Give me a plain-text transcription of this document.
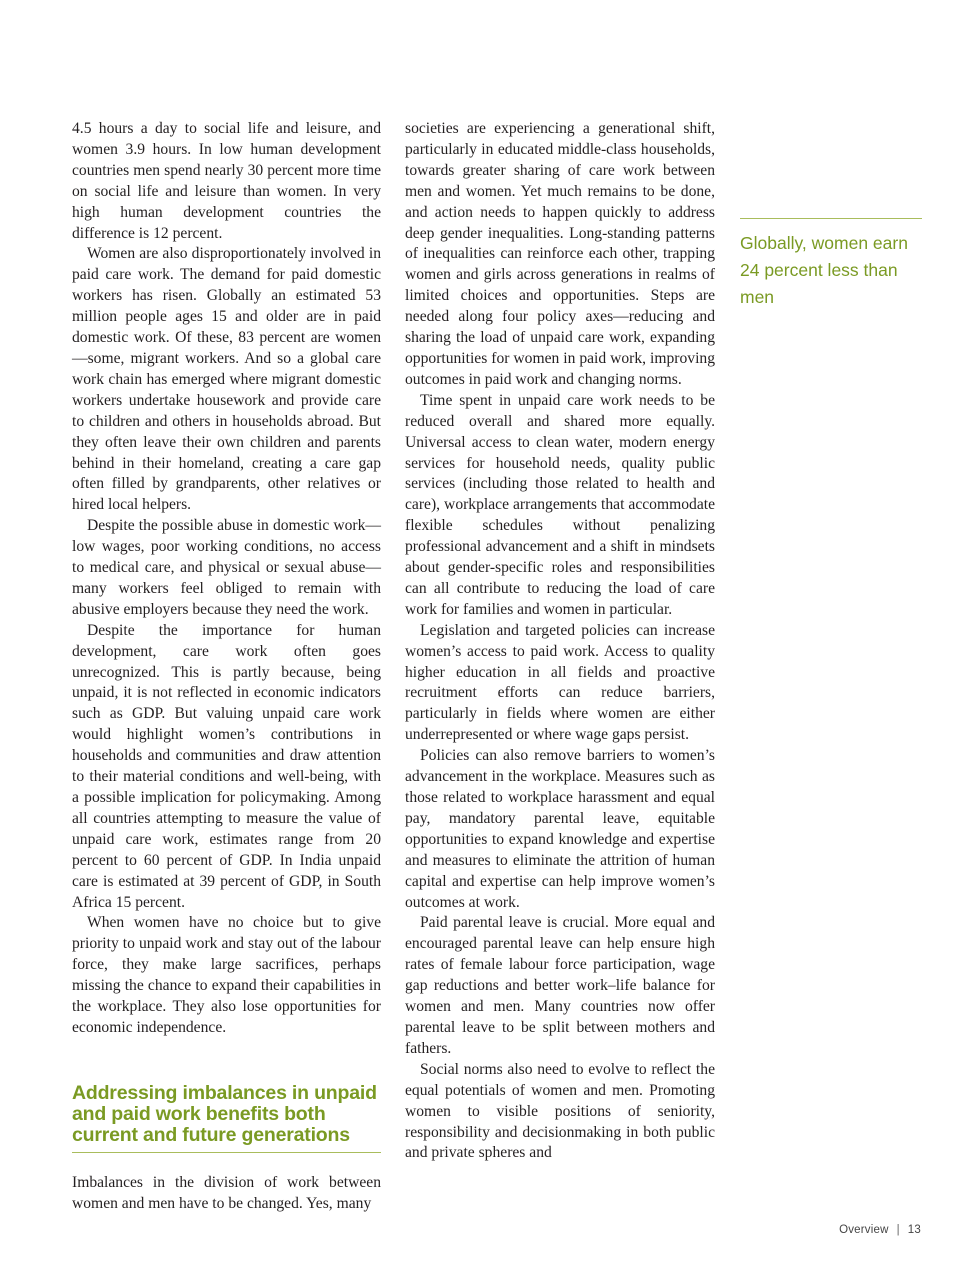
4.5 hours a day to social life and leisure, and women 3.9 hours. In low human development countries men spend nearly 30 percent more time on social life and leisure than women. In very high human development countries the difference is 12 percent.

Women are also disproportionately involved in paid care work. The demand for paid domestic workers has risen. Globally an estimated 53 million people ages 15 and older are in paid domestic work. Of these, 83 percent are women —some, migrant workers. And so a global care work chain has emerged where migrant domestic workers undertake housework and provide care to children and others in households abroad. But they often leave their own children and parents behind in their homeland, creating a care gap often filled by grandparents, other relatives or hired local helpers.

Despite the possible abuse in domestic work—low wages, poor working conditions, no access to medical care, and physical or sexual abuse—many workers feel obliged to remain with abusive employers because they need the work.

Despite the importance for human development, care work often goes unrecognized. This is partly because, being unpaid, it is not reflected in economic indicators such as GDP. But valuing unpaid care work would highlight women’s contributions in households and communities and draw attention to their material conditions and well-being, with a possible implication for policymaking. Among all countries attempting to measure the value of unpaid care work, estimates range from 20 percent to 60 percent of GDP. In India unpaid care is estimated at 39 percent of GDP, in South Africa 15 percent.

When women have no choice but to give priority to unpaid work and stay out of the labour force, they make large sacrifices, perhaps missing the chance to expand their capabilities in the workplace. They also lose opportunities for economic independence.

Addressing imbalances in unpaid and paid work benefits both current and future generations

Imbalances in the division of work between women and men have to be changed. Yes, many

societies are experiencing a generational shift, particularly in educated middle-class households, towards greater sharing of care work between men and women. Yet much remains to be done, and action needs to happen quickly to address deep gender inequalities. Long-standing patterns of inequalities can reinforce each other, trapping women and girls across generations in realms of limited choices and opportunities. Steps are needed along four policy axes—reducing and sharing the load of unpaid care work, expanding opportunities for women in paid work, improving outcomes in paid work and changing norms.

Time spent in unpaid care work needs to be reduced overall and shared more equally. Universal access to clean water, modern energy services for household needs, quality public services (including those related to health and care), workplace arrangements that accommodate flexible schedules without penalizing professional advancement and a shift in mindsets about gender-specific roles and responsibilities can all contribute to reducing the load of care work for families and women in particular.

Legislation and targeted policies can increase women’s access to paid work. Access to quality higher education in all fields and proactive recruitment efforts can reduce barriers, particularly in fields where women are either underrepresented or where wage gaps persist.

Policies can also remove barriers to women’s advancement in the workplace. Measures such as those related to workplace harassment and equal pay, mandatory parental leave, equitable opportunities to expand knowledge and expertise and measures to eliminate the attrition of human capital and expertise can help improve women’s outcomes at work.

Paid parental leave is crucial. More equal and encouraged parental leave can help ensure high rates of female labour force participation, wage gap reductions and better work–life balance for women and men. Many countries now offer parental leave to be split between mothers and fathers.

Social norms also need to evolve to reflect the equal potentials of women and men. Promoting women to visible positions of seniority, responsibility and decisionmaking in both public and private spheres and

Globally, women earn 24 percent less than men
Overview | 13
